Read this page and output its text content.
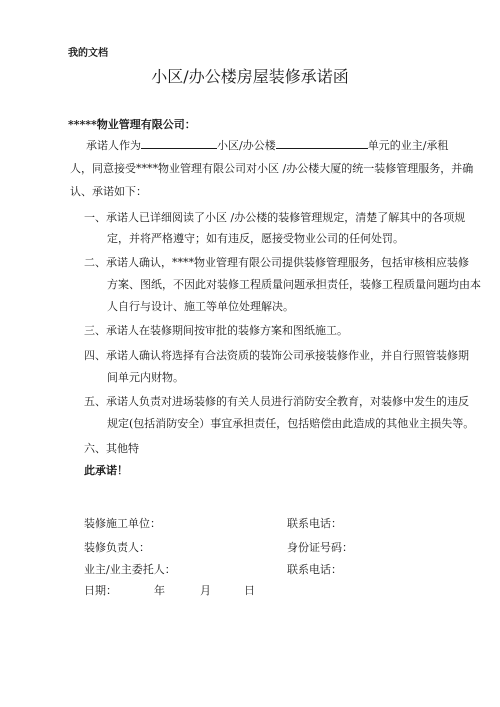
我的文档
小区/办公楼房屋装修承诺函
*****物业管理有限公司：
承诺人作为	小区/办公楼	单元的业主/承租
人，同意接受****物业管理有限公司对小区 /办公楼大厦的统一装修管理服务，并确
认、承诺如下：
一、承诺人已详细阅读了小区 /办公楼的装修管理规定，清楚了解其中的各项规
定，并将严格遵守；如有违反，愿接受物业公司的任何处罚。
二、承诺人确认，****物业管理有限公司提供装修管理服务，包括审核相应装修
方案、图纸，不因此对装修工程质量问题承担责任，装修工程质量问题均由本
人自行与设计、施工等单位处理解决。
三、承诺人在装修期间按审批的装修方案和图纸施工。
四、承诺人确认将选择有合法资质的装饰公司承接装修作业，并自行照管装修期
间单元内财物。
五、承诺人负责对进场装修的有关人员进行消防安全教育，对装修中发生的违反
规定(包括消防安全）事宜承担责任，包括赔偿由此造成的其他业主损失等。
六、其他特
此承诺！
装修施工单位：	联系电话：
装修负责人：	身份证号码：
业主/业主委托人：	联系电话：
日期：	年	月	日
